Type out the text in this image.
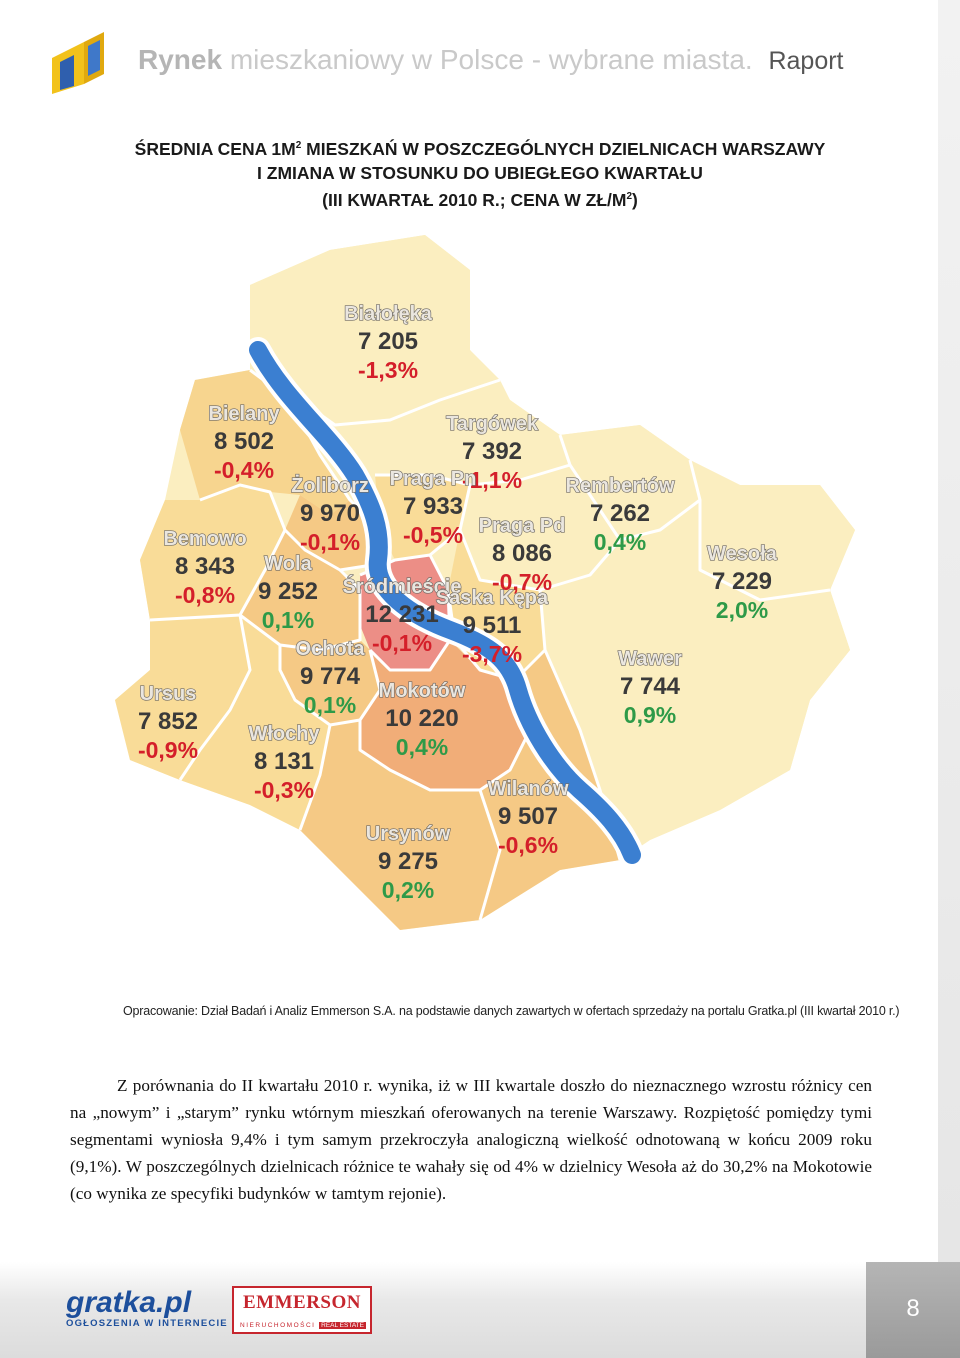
Rynek mieszkaniowy w Polsce - wybrane miasta. Raport
ŚREDNIA CENA $1M^2$ MIESZKAŃ W POSZCZEGÓLNYCH DZIELNICACH WARSZAWY
I ZMIANA W STOSUNKU DO UBIEGŁEGO KWARTAŁU
(III KWARTAŁ 2010 R.; CENA W $ZŁ/M^2$)
Białołęka
7 205
-1,3%
Bielany
8 502
-0,4%
Targówek
7 392
-1,1%
Żoliborz
9 970
-0,1%
Praga Pn
7 933
-0,5%
Rembertów
7 262
0,4%
Praga Pd
8 086
-0,7%
Bemowo
8 343
-0,8%
Wesoła
7 229
2,0%
Wola
9 252
0,1%
Śródmieście
12 231
-0,1%
Saska Kępa
9 511
-3,7%
Ochota
9 774
0,1%
Wawer
7 744
0,9%
Ursus
7 852
-0,9%
Mokotów
10 220
0,4%
Włochy
8 131
-0,3%	Wilanów
9 507
-0,6%
Ursynów
9 275
0,2%
Opracowanie: Dział Badań i Analiz Emmerson S.A. na podstawie danych zawartych w ofertach sprzedaży na portalu Gratka.pl (III kwartał 2010 r.)

Z porównania do II kwartału 2010 r. wynika, iż w III kwartale doszło do nieznacznego wzrostu różnicy cen na „nowym” i „starym” rynku wtórnym mieszkań oferowanych na terenie Warszawy. Rozpiętość pomiędzy tymi segmentami wyniosła 9,4% i tym samym przekroczyła analogiczną wielkość odnotowaną w końcu 2009 roku (9,1%). W poszczególnych dzielnicach różnice te wahały się od 4% w dzielnicy Wesoła aż do 30,2% na Mokotowie (co wynika ze specyfiki budynków w tamtym rejonie).

gratka.pl
OGŁOSZENIA W INTERNECIE
EMMERSON
NIERUCHOMOŚCI REAL ESTATE
8
